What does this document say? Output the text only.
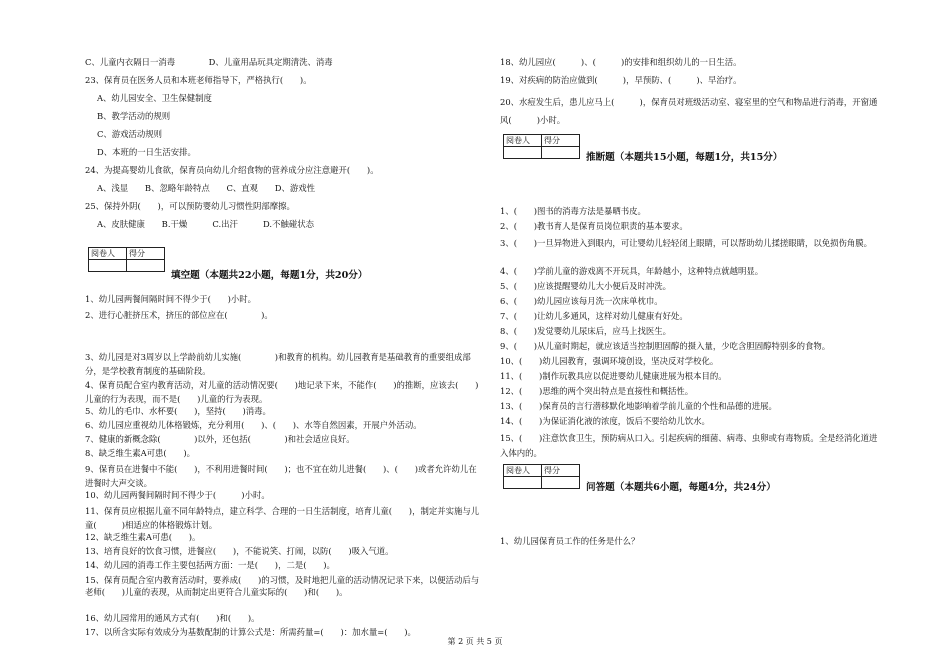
C、儿童内衣隔日一消毒　　　　D、儿童用品玩具定期清洗、消毒
23、保育员在医务人员和本班老师指导下，严格执行(　　)。
A、幼儿园安全、卫生保健制度
B、教学活动的规则
C、游戏活动规则
D、本班的一日生活安排。
24、为提高婴幼儿食欲，保育员向幼儿介绍食物的营养成分应注意避开(　　)。
A、浅显　　B、忽略年龄特点　　C、直观　　D、游戏性
25、保持外阴(　　)，可以预防婴幼儿习惯性阴部摩擦。
A、皮肤健康　　B.干燥　　　C.出汗　　　D.不触碰状态
阅卷人	得分

填空题（本题共22小题，每题1分，共20分）
1、幼儿园两餐间隔时间不得少于(　　)小时。
2、进行心脏挤压术，挤压的部位应在(　　　　)。
3、幼儿园是对3周岁以上学龄前幼儿实施(　　　　)和教育的机构。幼儿园教育是基础教育的重要组成部分，是学校教育制度的基础阶段。
4、保育员配合室内教育活动，对儿童的活动情况要(　　)地记录下来，不能作(　　)的推断，应该去(　　)儿童的行为表现，而不是(　　)儿童的行为表现。
5、幼儿的毛巾、水杯要(　　)，坚持(　　)消毒。
6、幼儿园应重视幼儿体格锻炼，充分利用(　　)、(　　)、水等自然因素，开展户外活动。
7、健康的新概念除(　　　　)以外，还包括(　　　　)和社会适应良好。
8、缺乏维生素A可患(　　)。
9、保育员在进餐中不能(　　)，不利用进餐时间(　　)；也不宜在幼儿进餐(　　)、(　　)或者允许幼儿在进餐时大声交谈。
10、幼儿园两餐间隔时间不得少于(　　　)小时。
11、保育员应根据儿童不同年龄特点，建立科学、合理的一日生活制度，培育儿童(　　)，制定并实施与儿童(　　　)相适应的体格锻炼计划。
12、缺乏维生素A可患(　　)。
13、培育良好的饮食习惯，进餐应(　　)，不能说笑、打闹，以防(　　)吸入气道。
14、幼儿园的消毒工作主要包括两方面：一是(　　)，二是(　　)。
15、保育员配合室内教育活动时，要养成(　　)的习惯，及时地把儿童的活动情况记录下来，以便活动后与老师(　　)儿童的表现，从而制定出更符合儿童实际的(　　)和(　　)。
16、幼儿园常用的通风方式有(　　)和(　　)。
17、以所含实际有效成分为基数配制的计算公式是：所需药量=(　　)：加水量=(　　)。
18、幼儿园应(　　　)、(　　　)的安排和组织幼儿的一日生活。
19、对疾病的防治应做到(　　　)，早预防、(　　　)、早治疗。
20、水痘发生后，患儿应马上(　　　)，保育员对班级活动室、寝室里的空气和物品进行消毒，开窗通风(　　　)小时。
阅卷人	得分

推断题（本题共15小题，每题1分，共15分）
1、(　　)图书的消毒方法是暴晒书皮。
2、(　　)教书育人是保育员岗位职责的基本要求。
3、(　　)一旦异物进入到眼内，可让婴幼儿轻轻闭上眼睛，可以帮助幼儿揉搓眼睛，以免损伤角膜。
4、(　　)学前儿童的游戏离不开玩具，年龄越小，这种特点就越明显。
5、(　　)应该提醒婴幼儿大小便后及时冲洗。
6、(　　)幼儿园应该每月洗一次床单枕巾。
7、(　　)让幼儿多通风，这样对幼儿健康有好处。
8、(　　)发觉婴幼儿尿床后，应马上找医生。
9、(　　)从儿童时期起，就应该适当控制胆固醇的摄入量，少吃含胆固醇特别多的食物。
10、(　　)幼儿园教育，强调环境创设，坚决反对学校化。
11、(　　)制作玩教具应以促进婴幼儿健康进展为根本目的。
12、(　　)思维的两个突出特点是直接性和概括性。
13、(　　)保育员的言行潜移默化地影响着学前儿童的个性和品德的进展。
14、(　　)为保证消化液的浓度，饭后不要给幼儿饮水。
15、(　　)注意饮食卫生，预防病从口入。引起疾病的细菌、病毒、虫卵或有毒物质。全是经消化道进入体内的。
阅卷人	得分

问答题（本题共6小题，每题4分，共24分）
1、幼儿园保育员工作的任务是什么？
第 2 页 共 5 页
